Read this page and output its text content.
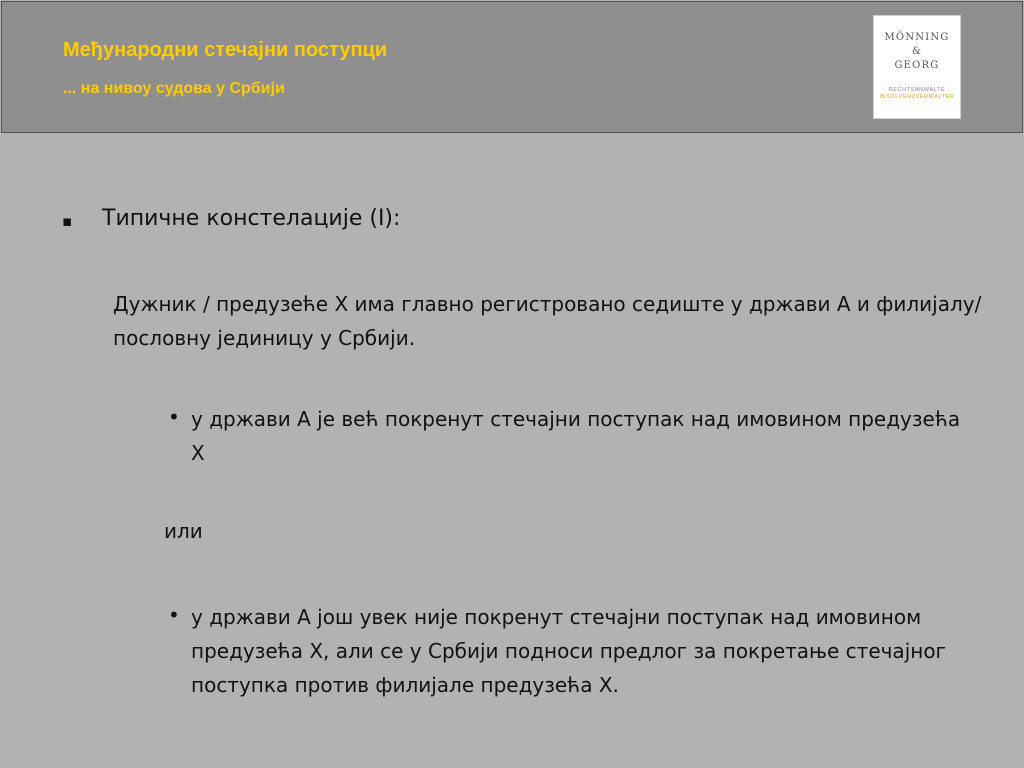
Међународни стечајни поступци
... на нивоу судова у Србији
MÖNNING
&
GEORG
RECHTSANWÄLTE
INSOLVENZVERWALTER
▪ Типичне констелације (I):
Дужник / предузеће X има главно регистровано седиште у држави А и филијалу/пословну јединицу у Србији.
• у држави А је већ покренут стечајни поступак над имовином предузећа X
или
• у држави А још увек није покренут стечајни поступак над имовином предузећа X, али се у Србији подноси предлог за покретање стечајног поступка против филијале предузећа X.
